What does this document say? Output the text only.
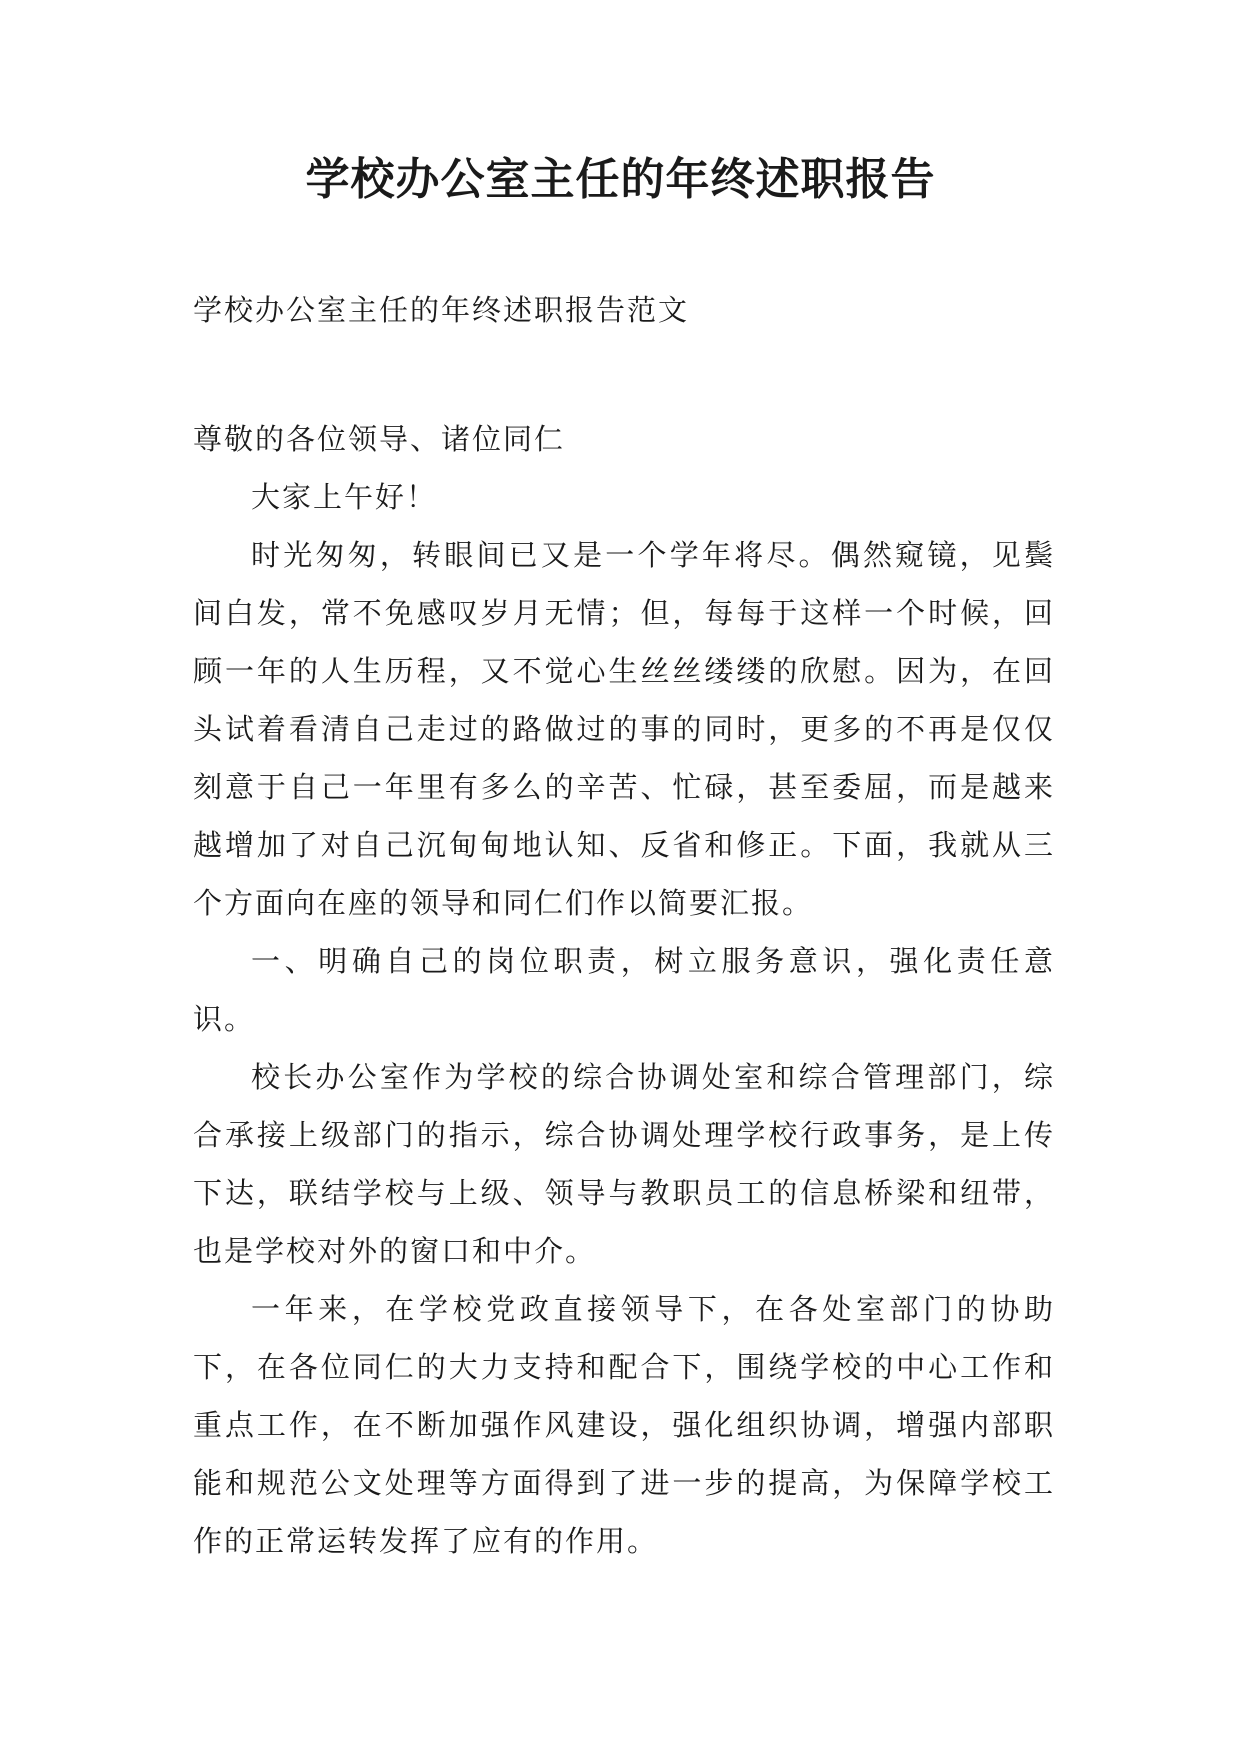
学校办公室主任的年终述职报告
学校办公室主任的年终述职报告范文

尊敬的各位领导、诸位同仁

大家上午好！

时光匆匆，转眼间已又是一个学年将尽。偶然窥镜，见鬓间白发，常不免感叹岁月无情；但，每每于这样一个时候，回顾一年的人生历程，又不觉心生丝丝缕缕的欣慰。因为，在回头试着看清自己走过的路做过的事的同时，更多的不再是仅仅刻意于自己一年里有多么的辛苦、忙碌，甚至委屈，而是越来越增加了对自己沉甸甸地认知、反省和修正。下面，我就从三个方面向在座的领导和同仁们作以简要汇报。

一、明确自己的岗位职责，树立服务意识，强化责任意识。

校长办公室作为学校的综合协调处室和综合管理部门，综合承接上级部门的指示，综合协调处理学校行政事务，是上传下达，联结学校与上级、领导与教职员工的信息桥梁和纽带，也是学校对外的窗口和中介。

一年来，在学校党政直接领导下，在各处室部门的协助下，在各位同仁的大力支持和配合下，围绕学校的中心工作和重点工作，在不断加强作风建设，强化组织协调，增强内部职能和规范公文处理等方面得到了进一步的提高，为保障学校工作的正常运转发挥了应有的作用。
